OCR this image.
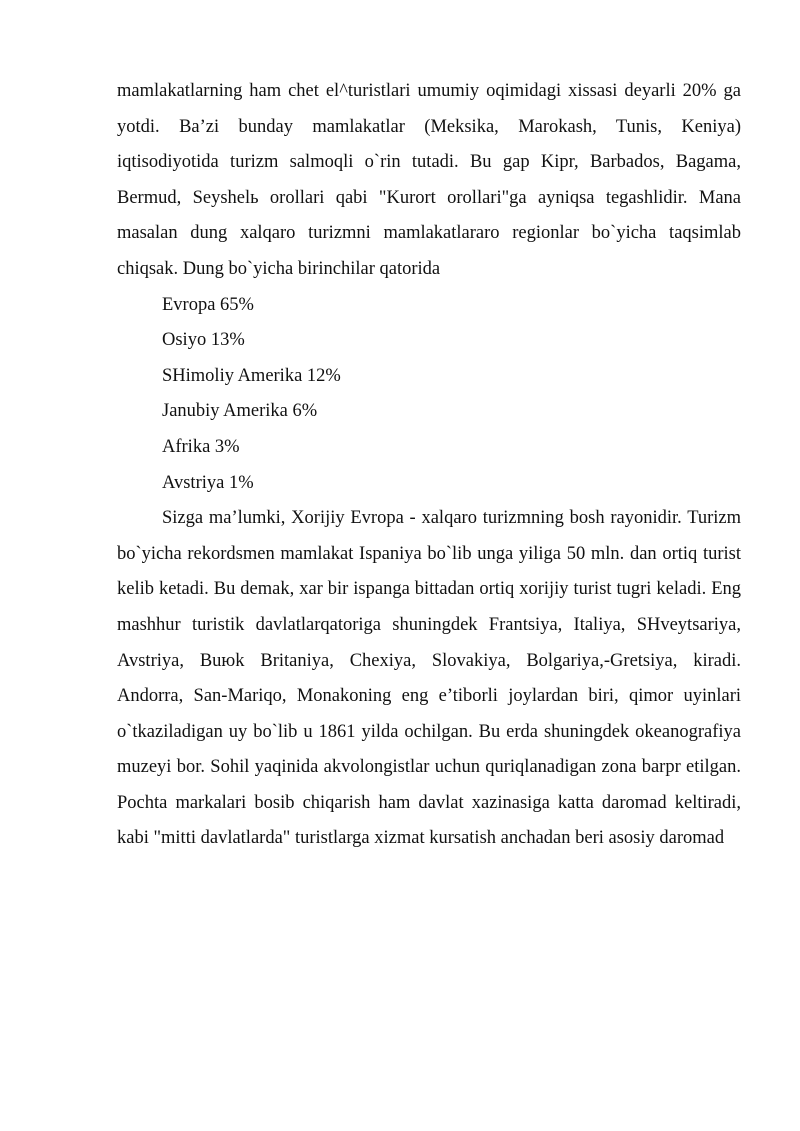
mamlakatlarning ham chet el^turistlari umumiy oqimidagi xissasi deyarli 20% ga yotdi. Ba’zi bunday mamlakatlar (Meksika, Marokash, Tunis, Keniya) iqtisodiyotida turizm salmoqli o`rin tutadi. Bu gap Kipr, Barbados, Bagama, Bermud, Seyshelь orollari qabi "Kurort orollari"ga ayniqsa tegashlidir. Mana masalan dung xalqaro turizmni mamlakatlararo regionlar bo`yicha taqsimlab chiqsak. Dung bo`yicha birinchilar qatorida

Evropa 65%

Osiyo 13%

SHimoliy Amerika 12%

Janubiy Amerika 6%

Afrika 3%

Avstriya 1%

Sizga ma’lumki, Xorijiy Evropa - xalqaro turizmning bosh rayonidir. Turizm bo`yicha rekordsmen mamlakat Ispaniya bo`lib unga yiliga 50 mln. dan ortiq turist kelib ketadi. Bu demak, xar bir ispanga bittadan ortiq xorijiy turist tugri keladi. Eng mashhur turistik davlatlarqatoriga shuningdek Frantsiya, Italiya, SHveytsariya, Avstriya, Buюk Britaniya, Chexiya, Slovakiya, Bolgariya,-Gretsiya, kiradi. Andorra, San-Mariqo, Monakoning eng e’tiborli joylardan biri, qimor uyinlari o`tkaziladigan uy bo`lib u 1861 yilda ochilgan. Bu erda shuningdek okeanografiya muzeyi bor. Sohil yaqinida akvolongistlar uchun quriqlanadigan zona barpr etilgan. Pochta markalari bosib chiqarish ham davlat xazinasiga katta daromad keltiradi, kabi "mitti davlatlarda" turistlarga xizmat kursatish anchadan beri asosiy daromad
